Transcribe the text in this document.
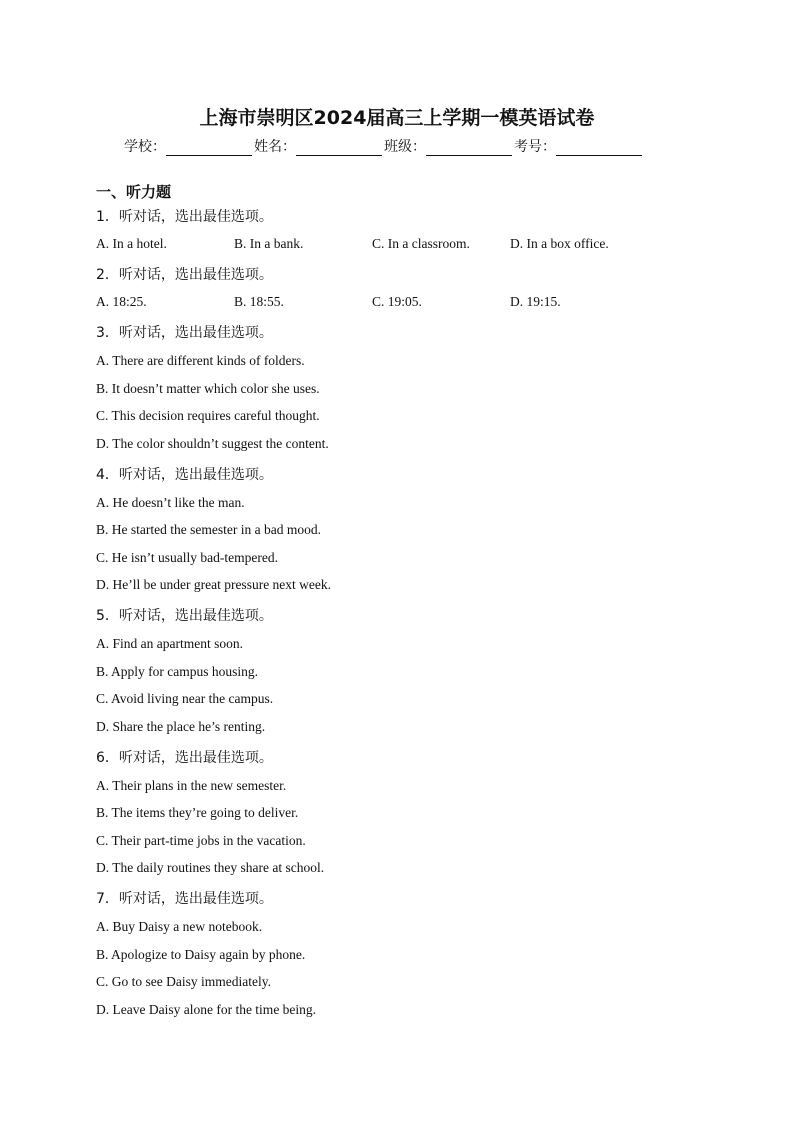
上海市崇明区2024届高三上学期一模英语试卷
学校：	姓名：	班级：	考号：
一、听力题
1．听对话，选出最佳选项。
A. In a hotel.	B. In a bank.	C. In a classroom.	D. In a box office.
2．听对话，选出最佳选项。
A. 18:25.	B. 18:55.	C. 19:05.	D. 19:15.
3．听对话，选出最佳选项。
A. There are different kinds of folders.
B. It doesn’t matter which color she uses.
C. This decision requires careful thought.
D. The color shouldn’t suggest the content.
4．听对话，选出最佳选项。
A. He doesn’t like the man.
B. He started the semester in a bad mood.
C. He isn’t usually bad-tempered.
D. He’ll be under great pressure next week.
5．听对话，选出最佳选项。
A. Find an apartment soon.
B. Apply for campus housing.
C. Avoid living near the campus.
D. Share the place he’s renting.
6．听对话，选出最佳选项。
A. Their plans in the new semester.
B. The items they’re going to deliver.
C. Their part-time jobs in the vacation.
D. The daily routines they share at school.
7．听对话，选出最佳选项。
A. Buy Daisy a new notebook.
B. Apologize to Daisy again by phone.
C. Go to see Daisy immediately.
D. Leave Daisy alone for the time being.
